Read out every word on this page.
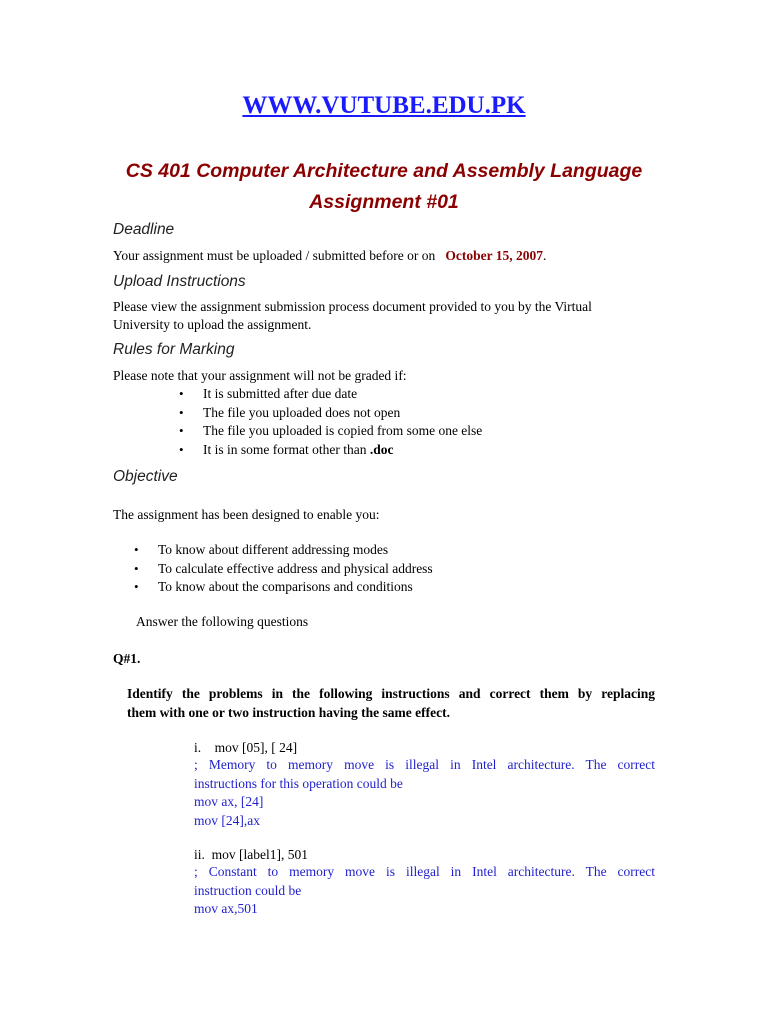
WWW.VUTUBE.EDU.PK
CS 401 Computer Architecture and Assembly Language
Assignment #01
Deadline
Your assignment must be uploaded / submitted before or on October 15, 2007.
Upload Instructions
Please view the assignment submission process document provided to you by the Virtual
University to upload the assignment.
Rules for Marking
Please note that your assignment will not be graded if:
• It is submitted after due date
• The file you uploaded does not open
• The file you uploaded is copied from some one else
• It is in some format other than .doc
Objective
The assignment has been designed to enable you:
• To know about different addressing modes
• To calculate effective address and physical address
• To know about the comparisons and conditions
Answer the following questions
Q#1.
Identify the problems in the following instructions and correct them by replacing
them with one or two instruction having the same effect.
i.    mov [05], [ 24]
; Memory to memory move is illegal in Intel architecture. The correct
instructions for this operation could be
mov ax, [24]
mov [24],ax
ii.  mov [label1], 501
; Constant to memory move is illegal in Intel architecture. The correct
instruction could be
mov ax,501
